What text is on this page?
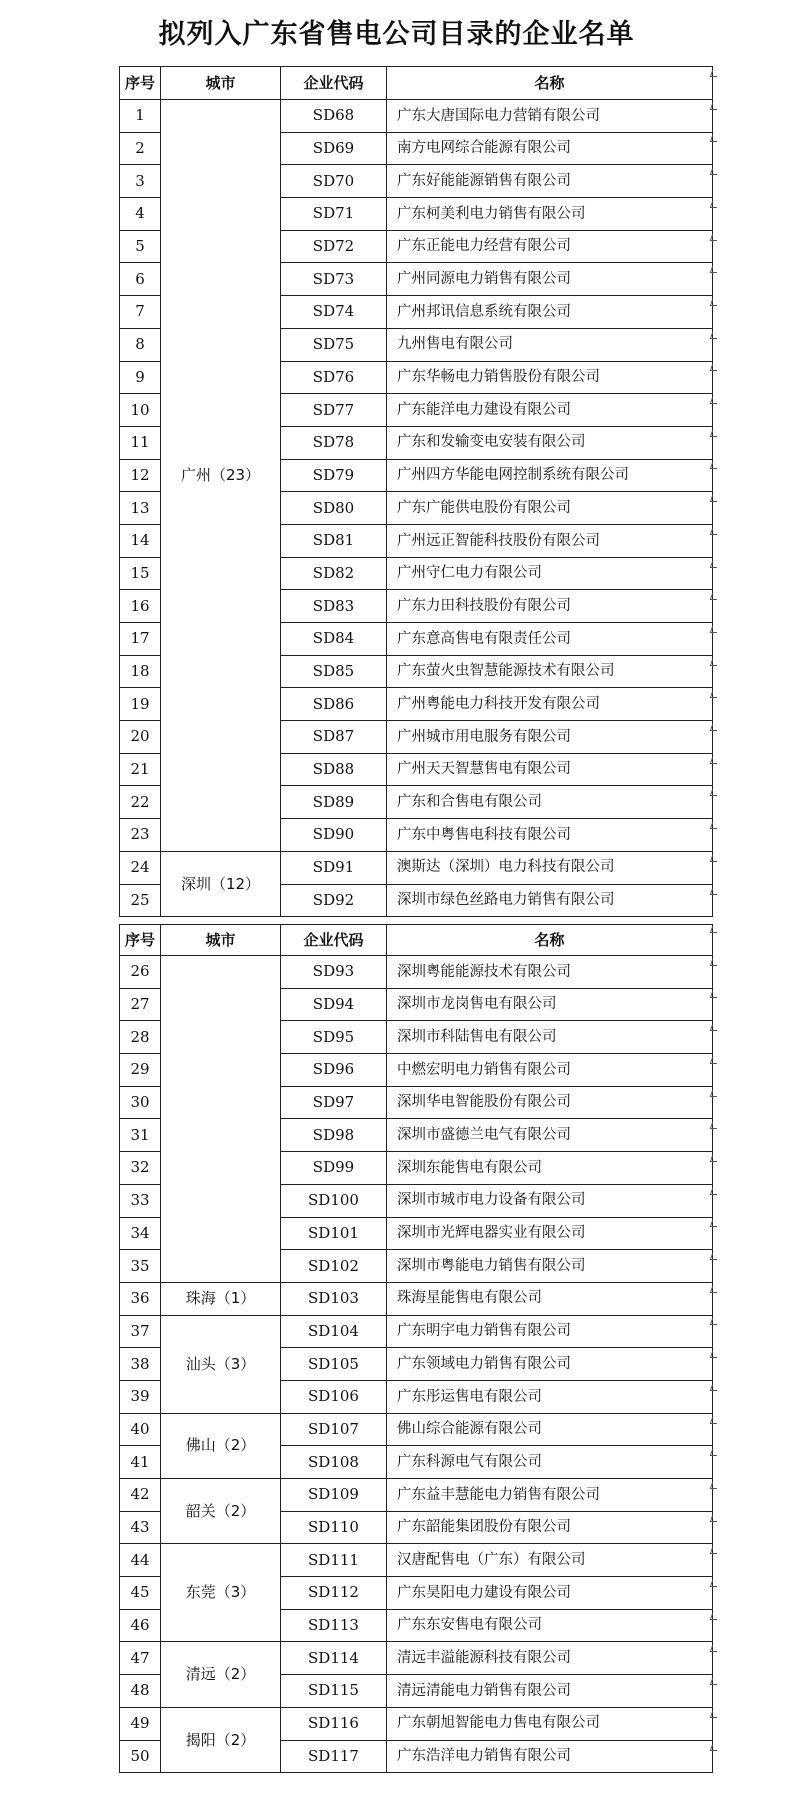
拟列入广东省售电公司目录的企业名单
序号	城市	企业代码	名称
1	广州（23）	SD68	广东大唐国际电力营销有限公司
2		SD69	南方电网综合能源有限公司
3		SD70	广东好能能源销售有限公司
4		SD71	广东柯美利电力销售有限公司
5		SD72	广东正能电力经营有限公司
6		SD73	广州同源电力销售有限公司
7		SD74	广州邦讯信息系统有限公司
8		SD75	九州售电有限公司
9		SD76	广东华畅电力销售股份有限公司
10		SD77	广东能洋电力建设有限公司
11		SD78	广东和发输变电安装有限公司
12		SD79	广州四方华能电网控制系统有限公司
13		SD80	广东广能供电股份有限公司
14		SD81	广州远正智能科技股份有限公司
15		SD82	广州守仁电力有限公司
16		SD83	广东力田科技股份有限公司
17		SD84	广东意高售电有限责任公司
18		SD85	广东萤火虫智慧能源技术有限公司
19		SD86	广州粤能电力科技开发有限公司
20		SD87	广州城市用电服务有限公司
21		SD88	广州天天智慧售电有限公司
22		SD89	广东和合售电有限公司
23		SD90	广东中粤售电科技有限公司
24	深圳（12）	SD91	澳斯达（深圳）电力科技有限公司
25		SD92	深圳市绿色丝路电力销售有限公司
序号	城市	企业代码	名称
26		SD93	深圳粤能能源技术有限公司
27		SD94	深圳市龙岗售电有限公司
28		SD95	深圳市科陆售电有限公司
29		SD96	中燃宏明电力销售有限公司
30		SD97	深圳华电智能股份有限公司
31		SD98	深圳市盛德兰电气有限公司
32		SD99	深圳东能售电有限公司
33		SD100	深圳市城市电力设备有限公司
34		SD101	深圳市光辉电器实业有限公司
35		SD102	深圳市粤能电力销售有限公司
36	珠海（1）	SD103	珠海星能售电有限公司
37	汕头（3）	SD104	广东明宇电力销售有限公司
38		SD105	广东领域电力销售有限公司
39		SD106	广东彤运售电有限公司
40	佛山（2）	SD107	佛山综合能源有限公司
41		SD108	广东科源电气有限公司
42	韶关（2）	SD109	广东益丰慧能电力销售有限公司
43		SD110	广东韶能集团股份有限公司
44	东莞（3）	SD111	汉唐配售电（广东）有限公司
45		SD112	广东昊阳电力建设有限公司
46		SD113	广东东安售电有限公司
47	清远（2）	SD114	清远丰溢能源科技有限公司
48		SD115	清远清能电力销售有限公司
49	揭阳（2）	SD116	广东朝旭智能电力售电有限公司
50		SD117	广东浩洋电力销售有限公司
